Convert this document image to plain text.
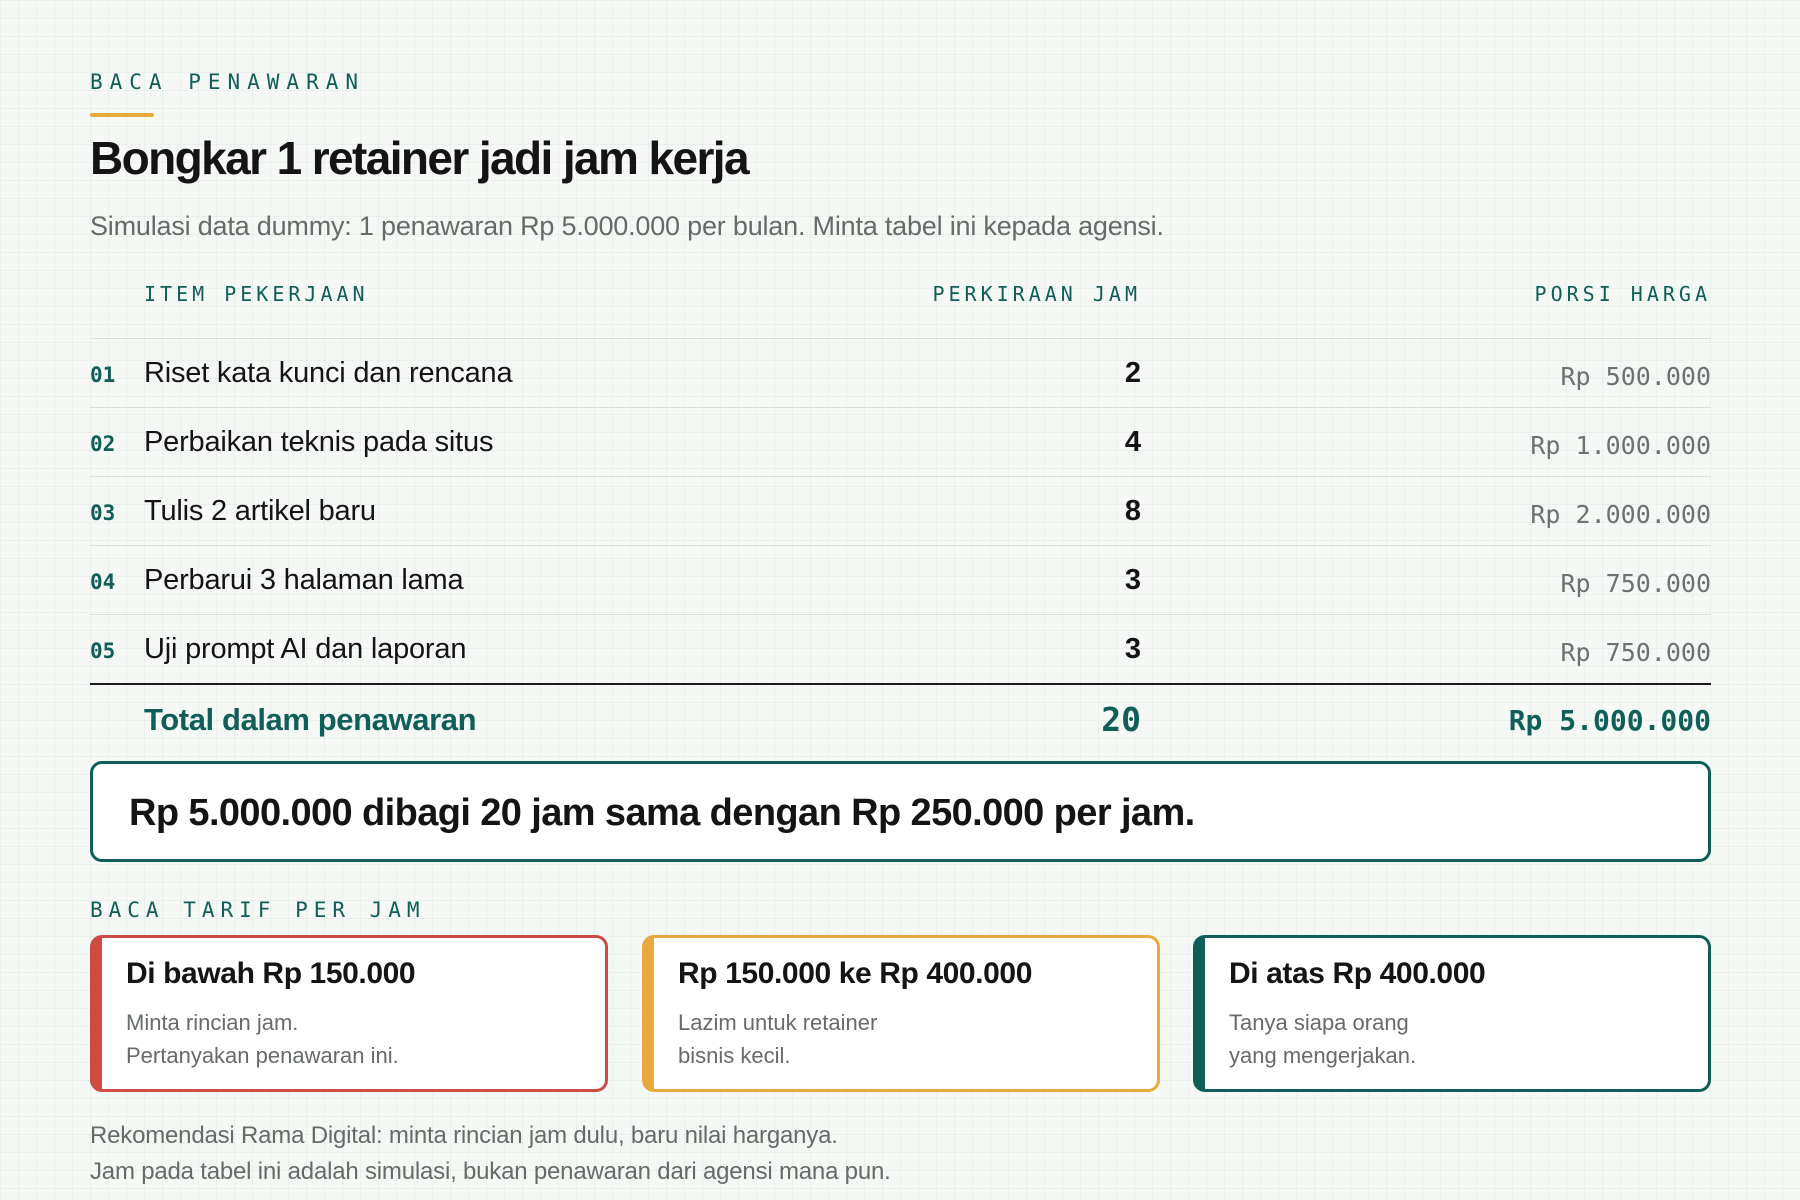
BACA PENAWARAN
Bongkar 1 retainer jadi jam kerja

Simulasi data dummy: 1 penawaran Rp 5.000.000 per bulan. Minta tabel ini kepada agensi.

ITEM PEKERJAAN	PERKIRAAN JAM	PORSI HARGA
01 Riset kata kunci dan rencana	2	Rp 500.000
02 Perbaikan teknis pada situs	4	Rp 1.000.000
03 Tulis 2 artikel baru	8	Rp 2.000.000
04 Perbarui 3 halaman lama	3	Rp 750.000
05 Uji prompt AI dan laporan	3	Rp 750.000
Total dalam penawaran	20	Rp 5.000.000
Rp 5.000.000 dibagi 20 jam sama dengan Rp 250.000 per jam.
BACA TARIF PER JAM
Di bawah Rp 150.000
Minta rincian jam.
Pertanyakan penawaran ini.
Rp 150.000 ke Rp 400.000
Lazim untuk retainer
bisnis kecil.
Di atas Rp 400.000
Tanya siapa orang
yang mengerjakan.
Rekomendasi Rama Digital: minta rincian jam dulu, baru nilai harganya.
Jam pada tabel ini adalah simulasi, bukan penawaran dari agensi mana pun.
